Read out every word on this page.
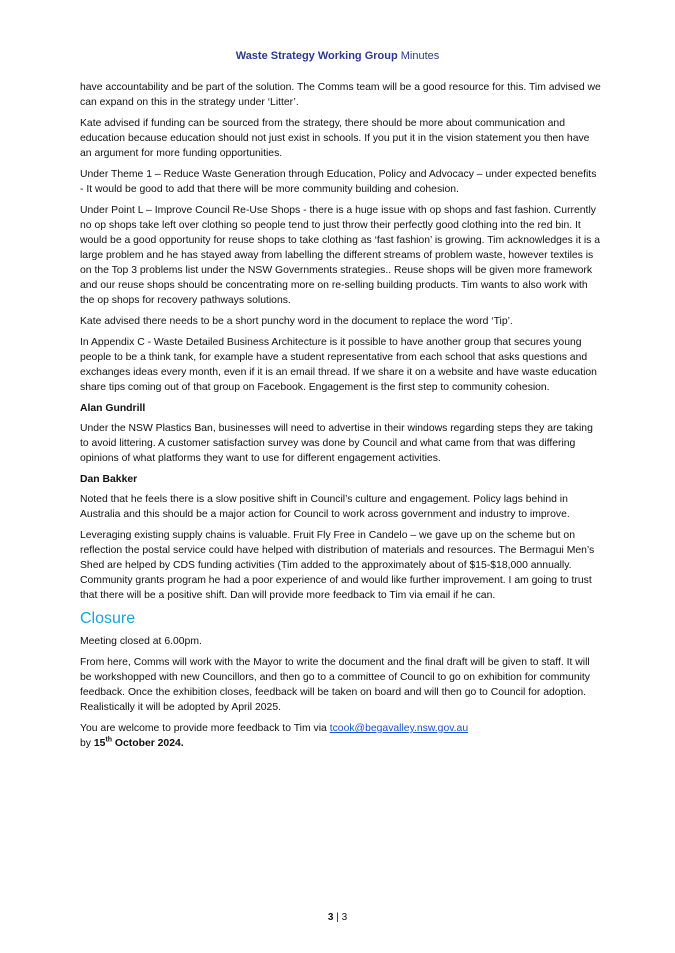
Waste Strategy Working Group Minutes

have accountability and be part of the solution. The Comms team will be a good resource for this. Tim advised we can expand on this in the strategy under ‘Litter’.

Kate advised if funding can be sourced from the strategy, there should be more about communication and education because education should not just exist in schools. If you put it in the vision statement you then have an argument for more funding opportunities.

Under Theme 1 – Reduce Waste Generation through Education, Policy and Advocacy – under expected benefits - It would be good to add that there will be more community building and cohesion.

Under Point L – Improve Council Re-Use Shops - there is a huge issue with op shops and fast fashion. Currently no op shops take left over clothing so people tend to just throw their perfectly good clothing into the red bin. It would be a good opportunity for reuse shops to take clothing as ‘fast fashion’ is growing. Tim acknowledges it is a large problem and he has stayed away from labelling the different streams of problem waste, however textiles is on the Top 3 problems list under the NSW Governments strategies.. Reuse shops will be given more framework and our reuse shops should be concentrating more on re-selling building products. Tim wants to also work with the op shops for recovery pathways solutions.

Kate advised there needs to be a short punchy word in the document to replace the word ‘Tip’.

In Appendix C - Waste Detailed Business Architecture is it possible to have another group that secures young people to be a think tank, for example have a student representative from each school that asks questions and exchanges ideas every month, even if it is an email thread. If we share it on a website and have waste education share tips coming out of that group on Facebook. Engagement is the first step to community cohesion.

Alan Gundrill

Under the NSW Plastics Ban, businesses will need to advertise in their windows regarding steps they are taking to avoid littering. A customer satisfaction survey was done by Council and what came from that was differing opinions of what platforms they want to use for different engagement activities.

Dan Bakker

Noted that he feels there is a slow positive shift in Council’s culture and engagement. Policy lags behind in Australia and this should be a major action for Council to work across government and industry to improve.

Leveraging existing supply chains is valuable. Fruit Fly Free in Candelo – we gave up on the scheme but on reflection the postal service could have helped with distribution of materials and resources. The Bermagui Men’s Shed are helped by CDS funding activities (Tim added to the approximately about of $15-$18,000 annually. Community grants program he had a poor experience of and would like further improvement. I am going to trust that there will be a positive shift. Dan will provide more feedback to Tim via email if he can.

Closure

Meeting closed at 6.00pm.

From here, Comms will work with the Mayor to write the document and the final draft will be given to staff. It will be workshopped with new Councillors, and then go to a committee of Council to go on exhibition for community feedback. Once the exhibition closes, feedback will be taken on board and will then go to Council for adoption. Realistically it will be adopted by April 2025.

You are welcome to provide more feedback to Tim via tcook@begavalley.nsw.gov.au
by 15th October 2024.

3 | 3
